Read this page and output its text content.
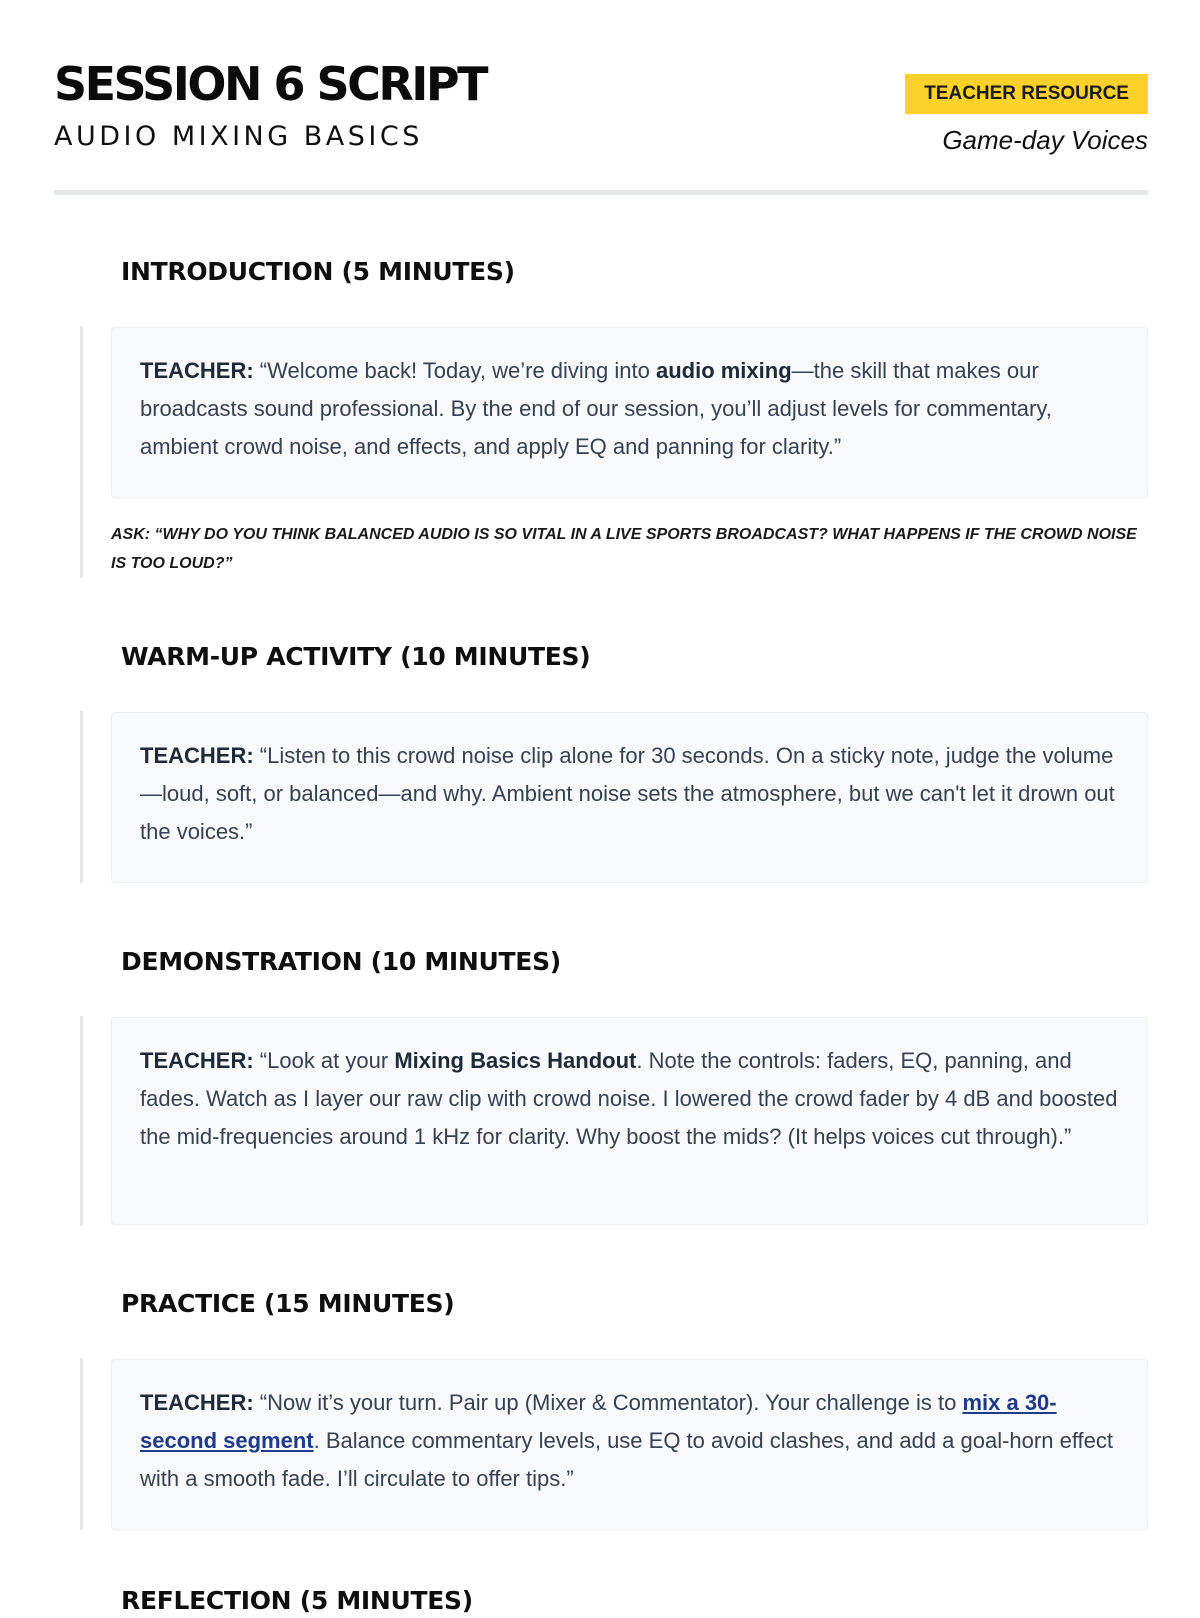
SESSION 6 SCRIPT
AUDIO MIXING BASICS
TEACHER RESOURCE
Game-day Voices
INTRODUCTION (5 MINUTES)
TEACHER: “Welcome back! Today, we’re diving into audio mixing—the skill that makes our broadcasts sound professional. By the end of our session, you’ll adjust levels for commentary, ambient crowd noise, and effects, and apply EQ and panning for clarity.”
ASK: “WHY DO YOU THINK BALANCED AUDIO IS SO VITAL IN A LIVE SPORTS BROADCAST? WHAT HAPPENS IF THE CROWD NOISE IS TOO LOUD?”
WARM-UP ACTIVITY (10 MINUTES)
TEACHER: “Listen to this crowd noise clip alone for 30 seconds. On a sticky note, judge the volume—loud, soft, or balanced—and why. Ambient noise sets the atmosphere, but we can't let it drown out the voices.”
DEMONSTRATION (10 MINUTES)
TEACHER: “Look at your Mixing Basics Handout. Note the controls: faders, EQ, panning, and fades. Watch as I layer our raw clip with crowd noise. I lowered the crowd fader by 4 dB and boosted the mid-frequencies around 1 kHz for clarity. Why boost the mids? (It helps voices cut through).”
PRACTICE (15 MINUTES)
TEACHER: “Now it’s your turn. Pair up (Mixer & Commentator). Your challenge is to mix a 30-second segment. Balance commentary levels, use EQ to avoid clashes, and add a goal-horn effect with a smooth fade. I’ll circulate to offer tips.”
REFLECTION (5 MINUTES)
